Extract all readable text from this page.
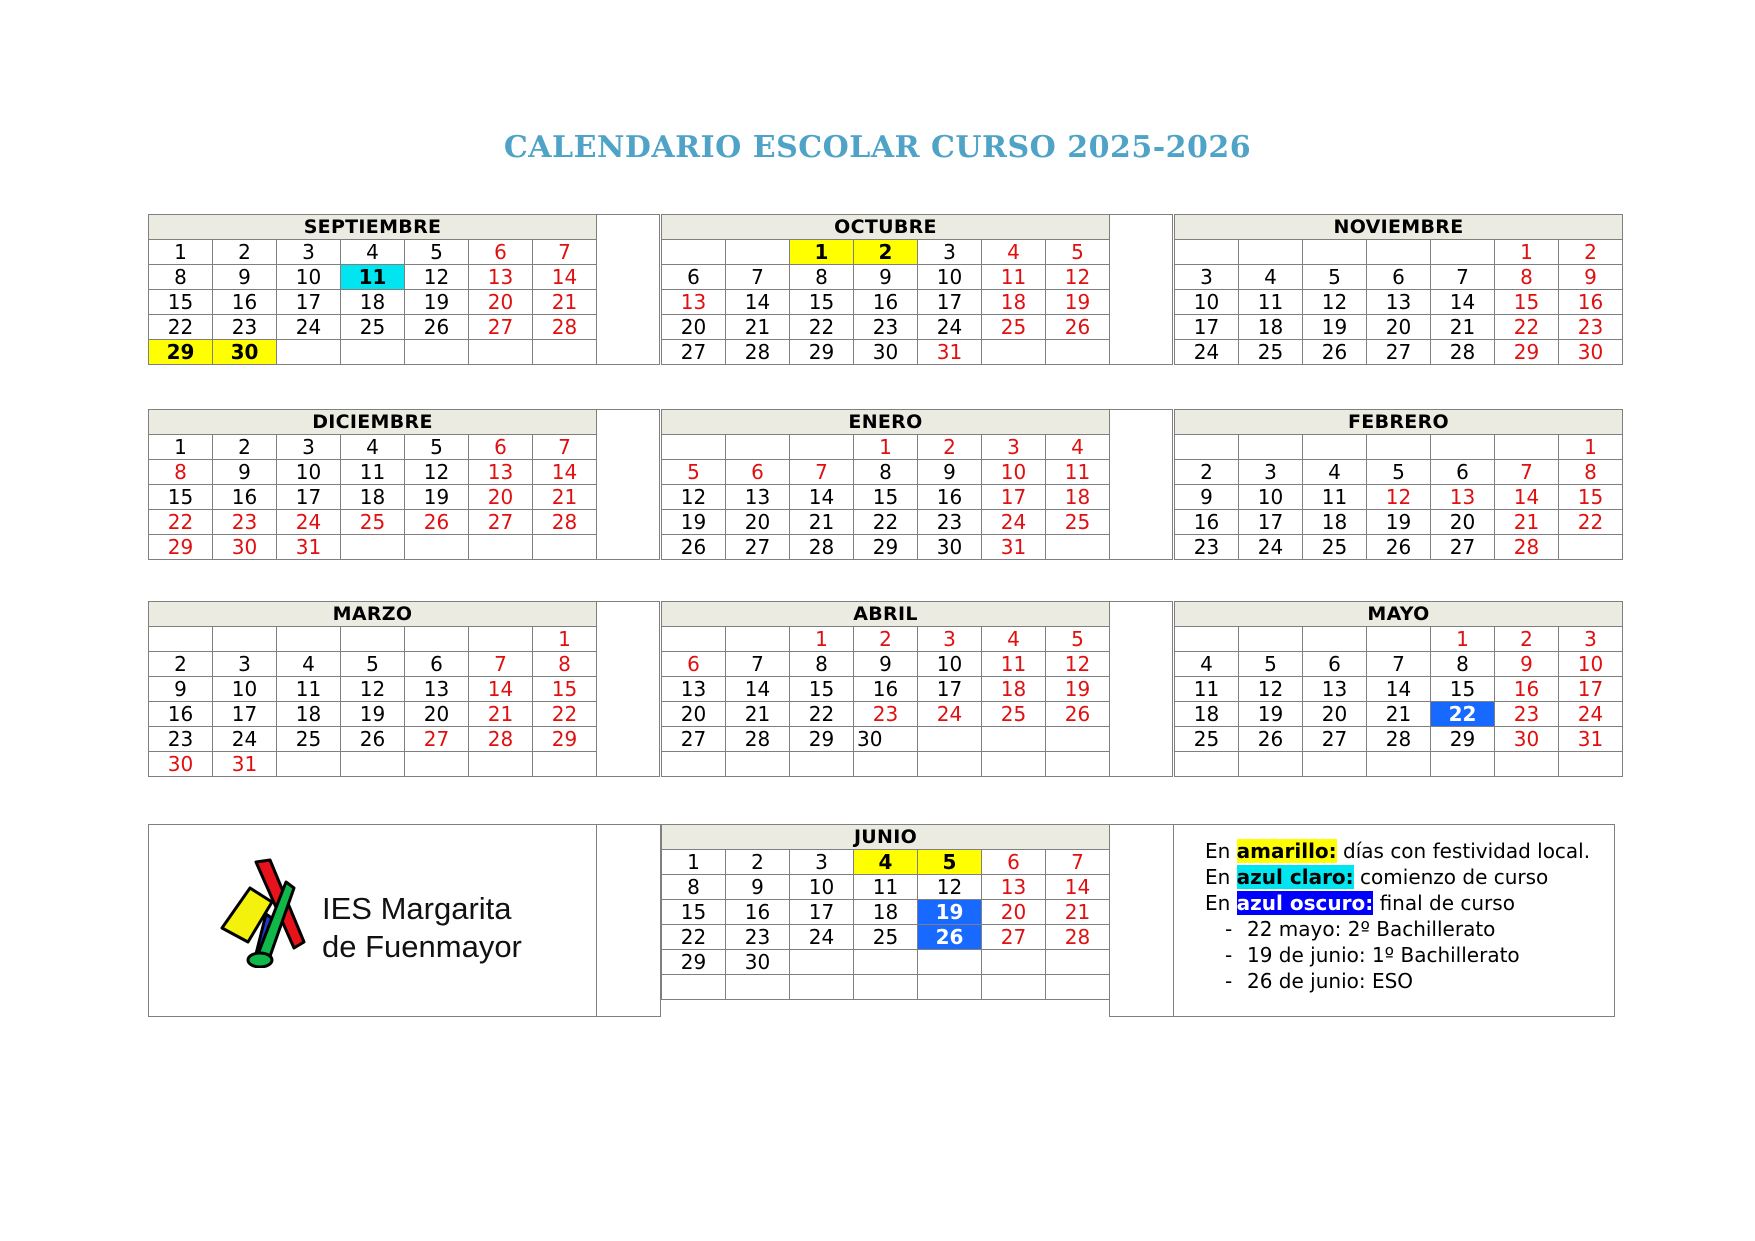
CALENDARIO ESCOLAR CURSO 2025-2026
SEPTIEMBRE							
1	2	3	4	5	6	7	
8	9	10	11	12	13	14	
15	16	17	18	19	20	21	
22	23	24	25	26	27	28	
29	30						
OCTUBRE							
		1	2	3	4	5	
6	7	8	9	10	11	12	
13	14	15	16	17	18	19	
20	21	22	23	24	25	26	
27	28	29	30	31			
NOVIEMBRE						
					1	2
3	4	5	6	7	8	9
10	11	12	13	14	15	16
17	18	19	20	21	22	23
24	25	26	27	28	29	30
DICIEMBRE							
1	2	3	4	5	6	7	
8	9	10	11	12	13	14	
15	16	17	18	19	20	21	
22	23	24	25	26	27	28	
29	30	31					
ENERO							
			1	2	3	4	
5	6	7	8	9	10	11	
12	13	14	15	16	17	18	
19	20	21	22	23	24	25	
26	27	28	29	30	31		
FEBRERO						
						1
2	3	4	5	6	7	8
9	10	11	12	13	14	15
16	17	18	19	20	21	22
23	24	25	26	27	28	
MARZO							
						1	
2	3	4	5	6	7	8	
9	10	11	12	13	14	15	
16	17	18	19	20	21	22	
23	24	25	26	27	28	29	
30	31						
ABRIL							
		1	2	3	4	5	
6	7	8	9	10	11	12	
13	14	15	16	17	18	19	
20	21	22	23	24	25	26	
27	28	29	30				

MAYO						
				1	2	3
4	5	6	7	8	9	10
11	12	13	14	15	16	17
18	19	20	21	22	23	24
25	26	27	28	29	30	31

JUNIO						
1	2	3	4	5	6	7
8	9	10	11	12	13	14
15	16	17	18	19	20	21
22	23	24	25	26	27	28
29	30					

IES Margarita
de Fuenmayor
En amarillo: días con festividad local.
En azul claro: comienzo de curso
En azul oscuro: final de curso
- 22 mayo: 2º Bachillerato
- 19 de junio: 1º Bachillerato
- 26 de junio: ESO
